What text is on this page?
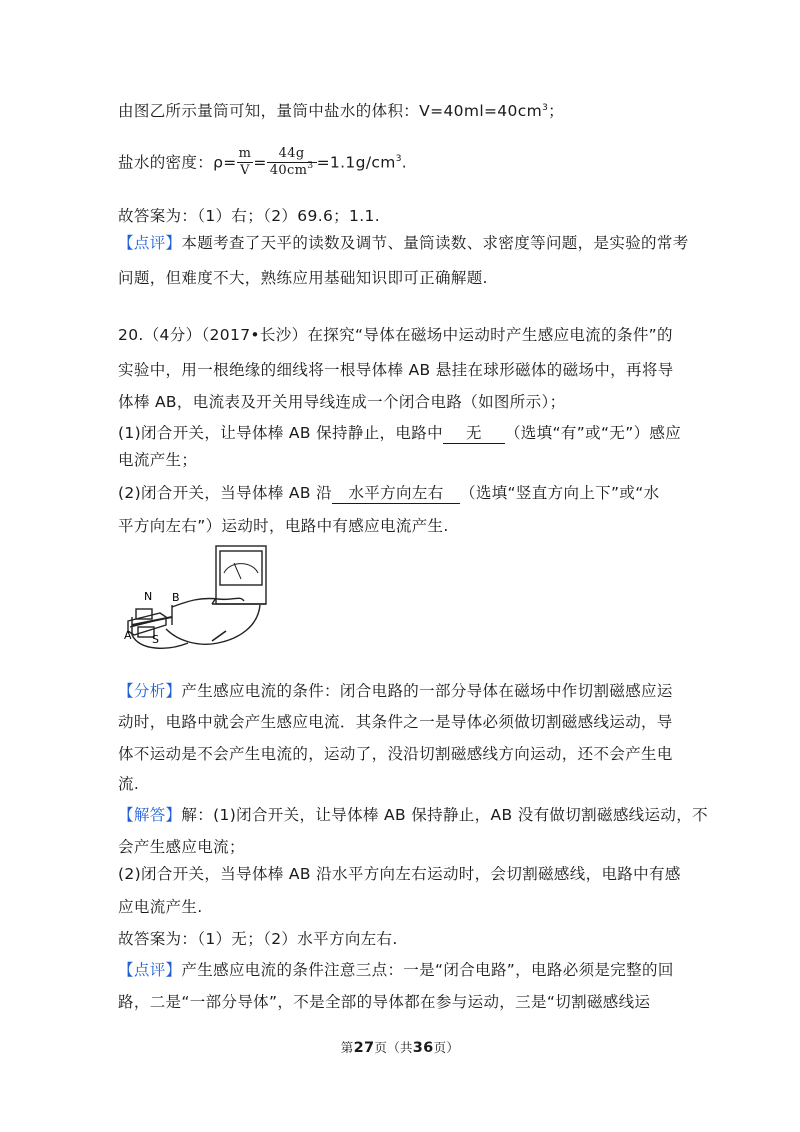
由图乙所示量筒可知，量筒中盐水的体积：$V=40ml=40cm^3$；
盐水的密度：$\rho= \frac{m}{V} = \frac{44g}{40cm^3} =1.1g/cm^3$.
故答案为：（1）右；（2）69.6；1.1.
【点评】本题考查了天平的读数及调节、量筒读数、求密度等问题，是实验的常考
问题，但难度不大，熟练应用基础知识即可正确解题.
20.（4分）（2017•长沙）在探究“导体在磁场中运动时产生感应电流的条件”的
实验中，用一根绝缘的细线将一根导体棒 AB 悬挂在球形磁体的磁场中，再将导
体棒 AB，电流表及开关用导线连成一个闭合电路（如图所示）；
(1)闭合开关，让导体棒 AB 保持静止，电路中 无 （选填“有”或“无”）感应
电流产生；
(2)闭合开关，当导体棒 AB 沿 水平方向左右 （选填“竖直方向上下”或“水
平方向左右”）运动时，电路中有感应电流产生.
N B
A S
【分析】产生感应电流的条件：闭合电路的一部分导体在磁场中作切割磁感应运
动时，电路中就会产生感应电流．其条件之一是导体必须做切割磁感线运动，导
体不运动是不会产生电流的，运动了，没沿切割磁感线方向运动，还不会产生电
流.
【解答】解：(1)闭合开关，让导体棒 AB 保持静止，AB 没有做切割磁感线运动，不
会产生感应电流；
(2)闭合开关，当导体棒 AB 沿水平方向左右运动时，会切割磁感线，电路中有感
应电流产生.
故答案为：（1）无；（2）水平方向左右.
【点评】产生感应电流的条件注意三点：一是“闭合电路”，电路必须是完整的回
路，二是“一部分导体”，不是全部的导体都在参与运动，三是“切割磁感线运
第27页（共36页）
